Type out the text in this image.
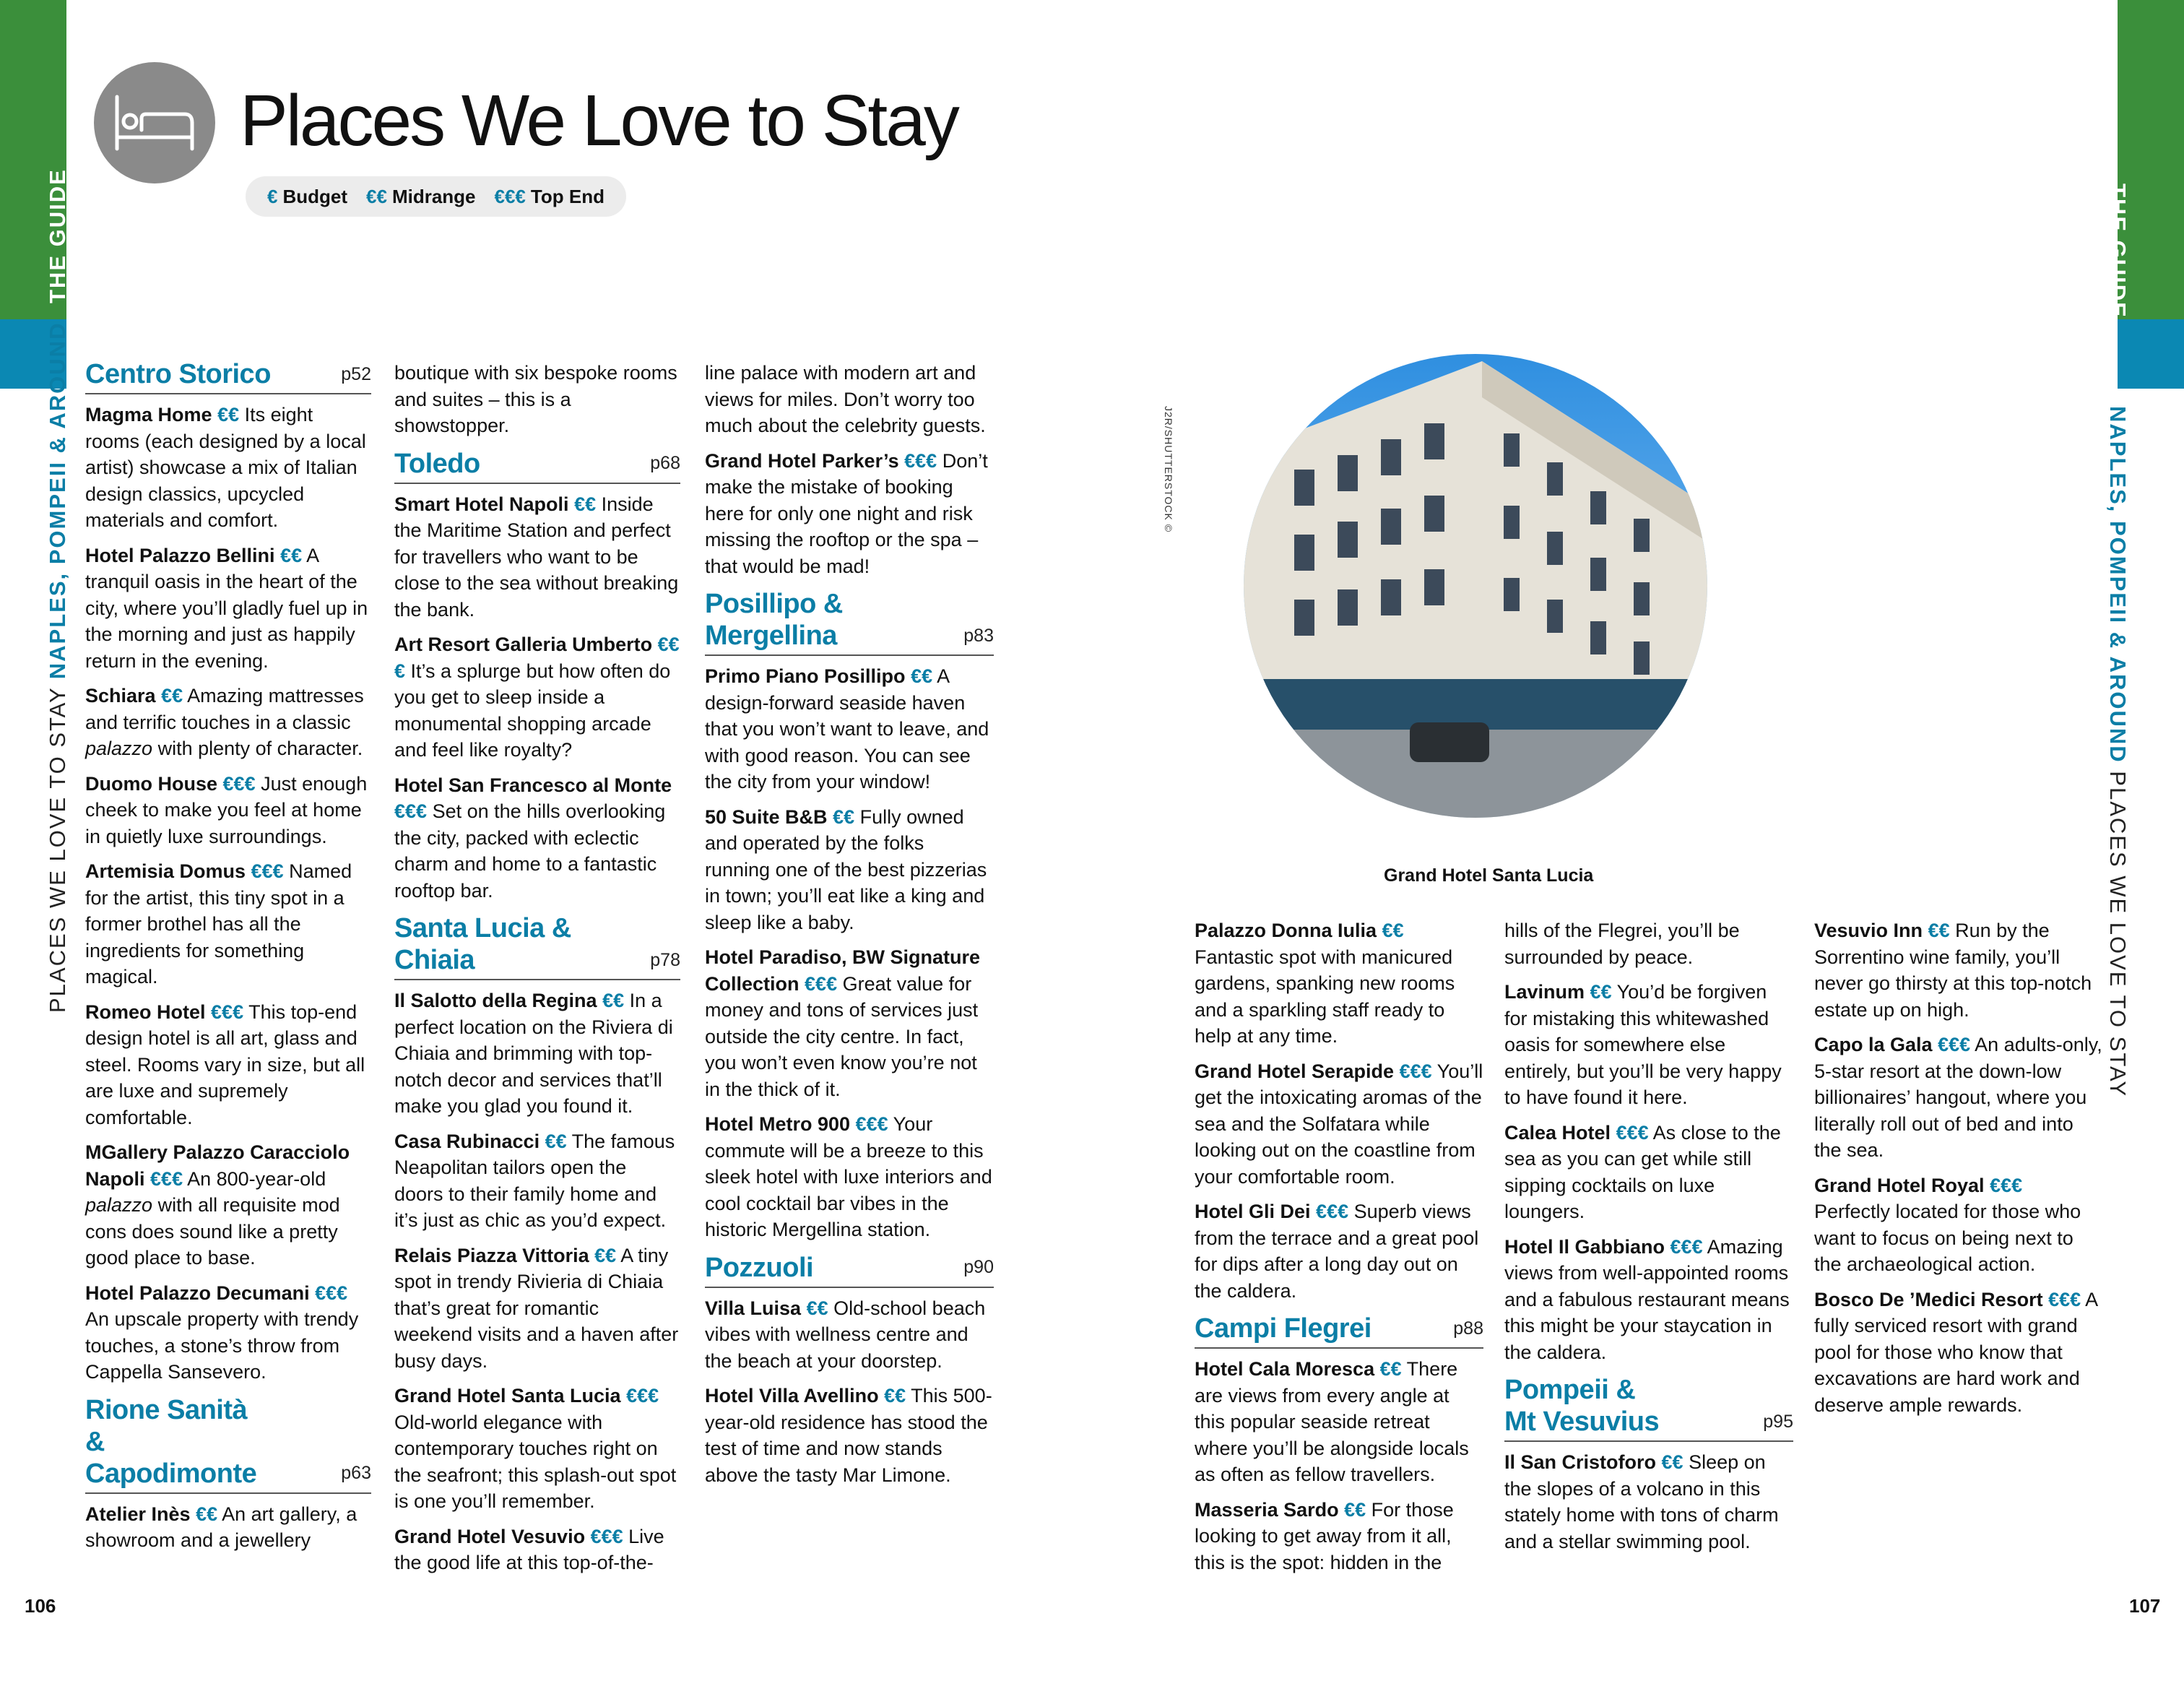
THE GUIDE
PLACES WE LOVE TO STAY NAPLES, POMPEII & AROUND
THE GUIDE
NAPLES, POMPEII & AROUND PLACES WE LOVE TO STAY
Places We Love to Stay
€ Budget €€ Midrange €€€ Top End
Centro Storico	p52

Magma Home €€ Its eight rooms (each designed by a local artist) showcase a mix of Italian design classics, upcycled materials and comfort.

Hotel Palazzo Bellini €€ A tranquil oasis in the heart of the city, where you’ll gladly fuel up in the morning and just as happily return in the evening.

Schiara €€ Amazing mattresses and terrific touches in a classic palazzo with plenty of character.

Duomo House €€€ Just enough cheek to make you feel at home in quietly luxe surroundings.

Artemisia Domus €€€ Named for the artist, this tiny spot in a former brothel has all the ingredients for something magical.

Romeo Hotel €€€ This top-end design hotel is all art, glass and steel. Rooms vary in size, but all are luxe and supremely comfortable.

MGallery Palazzo Caracciolo Napoli €€€ An 800-year-old palazzo with all requisite mod cons does sound like a pretty good place to base.

Hotel Palazzo Decumani €€€ An upscale property with trendy touches, a stone’s throw from Cappella Sansevero.

Rione Sanità & Capodimonte	p63

Atelier Inès €€ An art gallery, a showroom and a jewellery

boutique with six bespoke rooms and suites – this is a showstopper.

Toledo	p68

Smart Hotel Napoli €€ Inside the Maritime Station and perfect for travellers who want to be close to the sea without breaking the bank.

Art Resort Galleria Umberto €€€ It’s a splurge but how often do you get to sleep inside a monumental shopping arcade and feel like royalty?

Hotel San Francesco al Monte €€€ Set on the hills overlooking the city, packed with eclectic charm and home to a fantastic rooftop bar.

Santa Lucia & Chiaia	p78

Il Salotto della Regina €€ In a perfect location on the Riviera di Chiaia and brimming with top-notch decor and services that’ll make you glad you found it.

Casa Rubinacci €€ The famous Neapolitan tailors open the doors to their family home and it’s just as chic as you’d expect.

Relais Piazza Vittoria €€ A tiny spot in trendy Rivieria di Chiaia that’s great for romantic weekend visits and a haven after busy days.

Grand Hotel Santa Lucia €€€ Old-world elegance with contemporary touches right on the seafront; this splash-out spot is one you’ll remember.

Grand Hotel Vesuvio €€€ Live the good life at this top-of-the-

line palace with modern art and views for miles. Don’t worry too much about the celebrity guests.

Grand Hotel Parker’s €€€ Don’t make the mistake of booking here for only one night and risk missing the rooftop or the spa – that would be mad!

Posillipo & Mergellina	p83

Primo Piano Posillipo €€ A design-forward seaside haven that you won’t want to leave, and with good reason. You can see the city from your window!

50 Suite B&B €€ Fully owned and operated by the folks running one of the best pizzerias in town; you’ll eat like a king and sleep like a baby.

Hotel Paradiso, BW Signature Collection €€€ Great value for money and tons of services just outside the city centre. In fact, you won’t even know you’re not in the thick of it.

Hotel Metro 900 €€€ Your commute will be a breeze to this sleek hotel with luxe interiors and cool cocktail bar vibes in the historic Mergellina station.

Pozzuoli	p90

Villa Luisa €€ Old-school beach vibes with wellness centre and the beach at your doorstep.

Hotel Villa Avellino €€ This 500-year-old residence has stood the test of time and now stands above the tasty Mar Limone.

J2R/SHUTTERSTOCK ©
Grand Hotel Santa Lucia

Palazzo Donna Iulia €€ Fantastic spot with manicured gardens, spanking new rooms and a sparkling staff ready to help at any time.

Grand Hotel Serapide €€€ You’ll get the intoxicating aromas of the sea and the Solfatara while looking out on the coastline from your comfortable room.

Hotel Gli Dei €€€ Superb views from the terrace and a great pool for dips after a long day out on the caldera.

Campi Flegrei	p88

Hotel Cala Moresca €€ There are views from every angle at this popular seaside retreat where you’ll be alongside locals as often as fellow travellers.

Masseria Sardo €€ For those looking to get away from it all, this is the spot: hidden in the

hills of the Flegrei, you’ll be surrounded by peace.

Lavinum €€ You’d be forgiven for mistaking this whitewashed oasis for somewhere else entirely, but you’ll be very happy to have found it here.

Calea Hotel €€€ As close to the sea as you can get while still sipping cocktails on luxe loungers.

Hotel Il Gabbiano €€€ Amazing views from well-appointed rooms and a fabulous restaurant means this might be your staycation in the caldera.

Pompeii & Mt Vesuvius	p95

Il San Cristoforo €€ Sleep on the slopes of a volcano in this stately home with tons of charm and a stellar swimming pool.

Vesuvio Inn €€ Run by the Sorrentino wine family, you’ll never go thirsty at this top-notch estate up on high.

Capo la Gala €€€ An adults-only, 5-star resort at the down-low billionaires’ hangout, where you literally roll out of bed and into the sea.

Grand Hotel Royal €€€ Perfectly located for those who want to focus on being next to the archaeological action.

Bosco De ’Medici Resort €€€ A fully serviced resort with grand pool for those who know that excavations are hard work and deserve ample rewards.

106	107
